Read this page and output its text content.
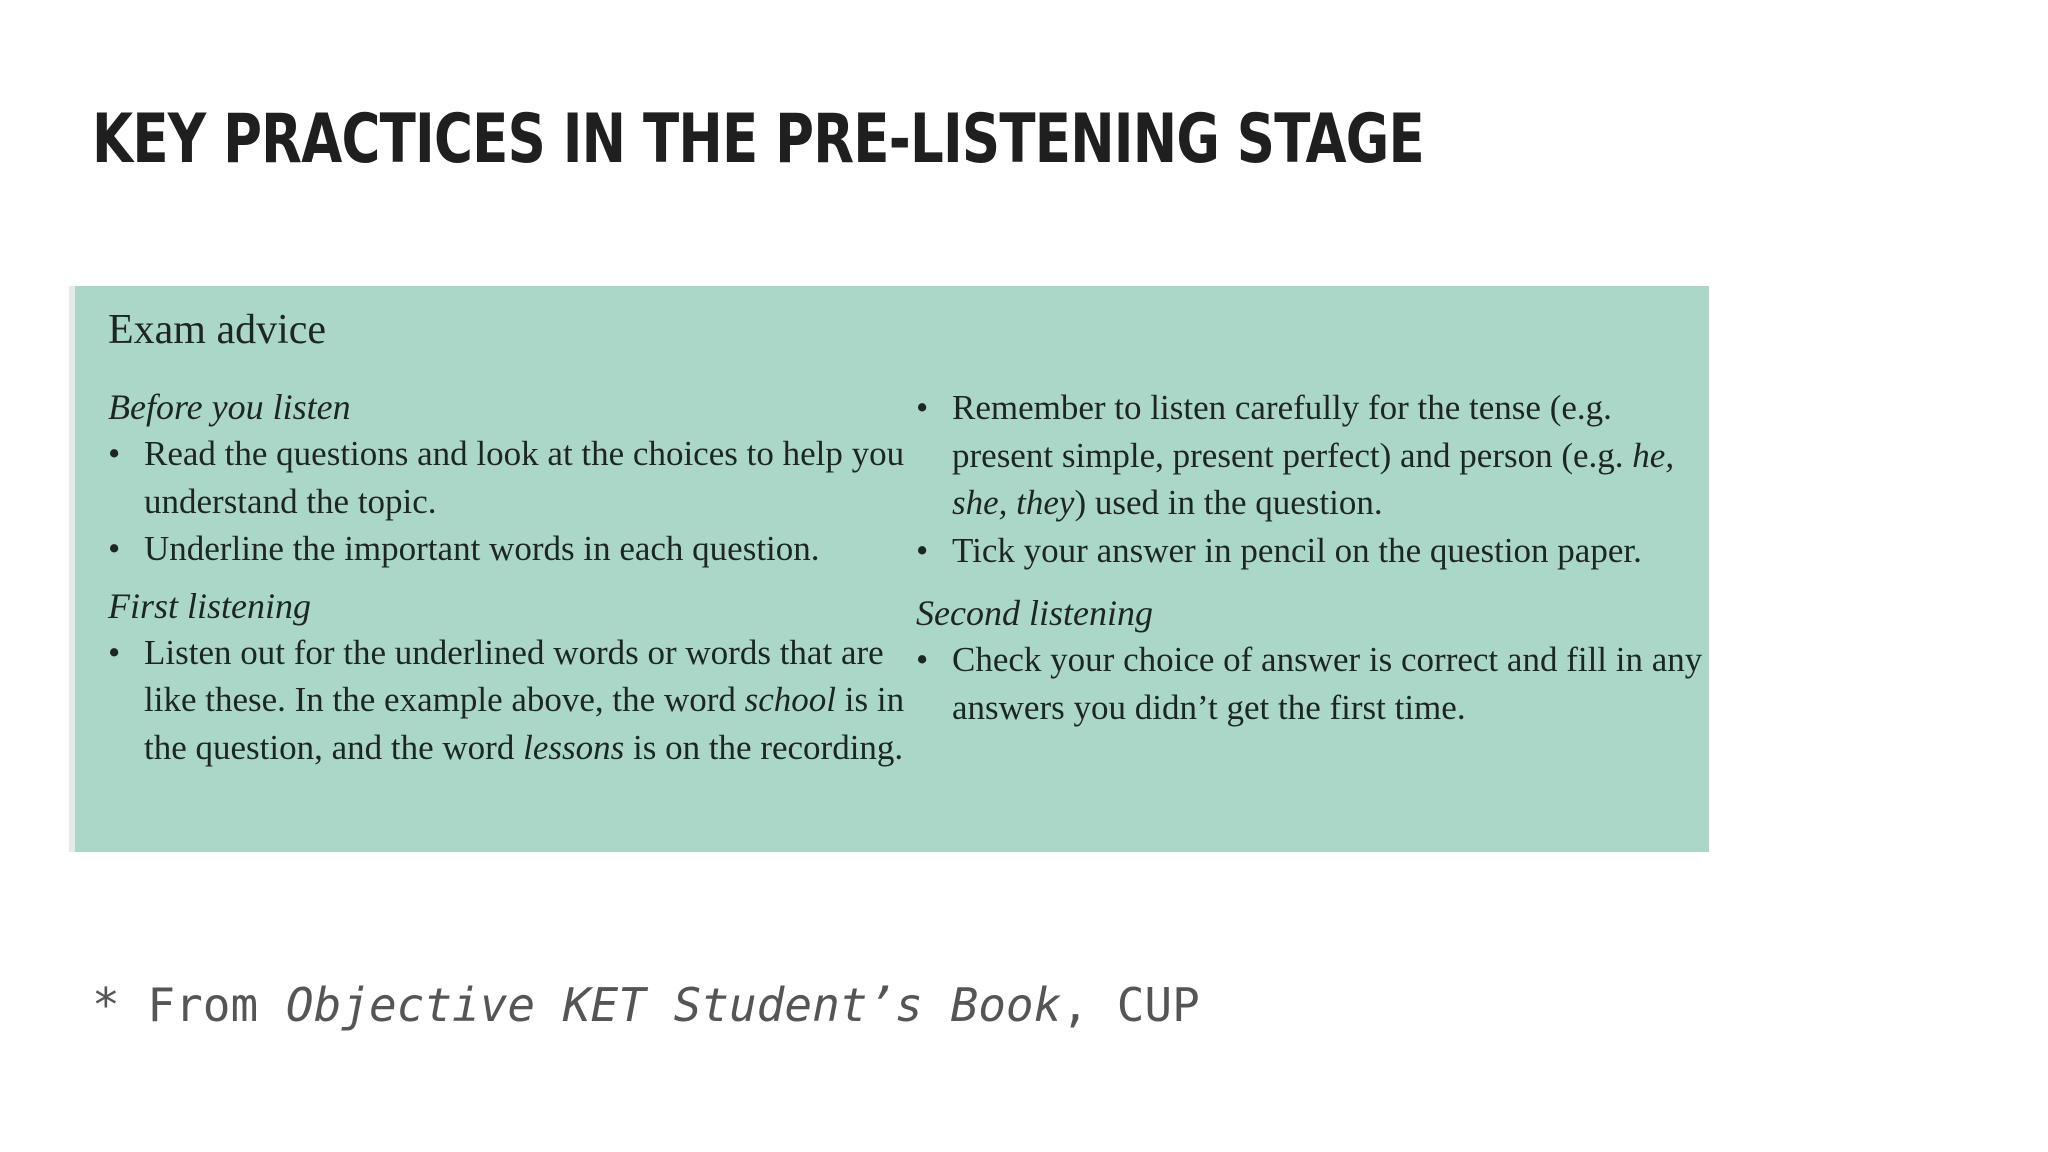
KEY PRACTICES IN THE PRE-LISTENING STAGE
Exam advice

Before you listen

• Read the questions and look at the choices to help you understand the topic.
• Underline the important words in each question.

First listening

• Listen out for the underlined words or words that are like these. In the example above, the word school is in the question, and the word lessons is on the recording.
• Remember to listen carefully for the tense (e.g. present simple, present perfect) and person (e.g. he, she, they) used in the question.
• Tick your answer in pencil on the question paper.

Second listening

• Check your choice of answer is correct and fill in any answers you didn’t get the first time.
* From Objective KET Student’s Book, CUP
